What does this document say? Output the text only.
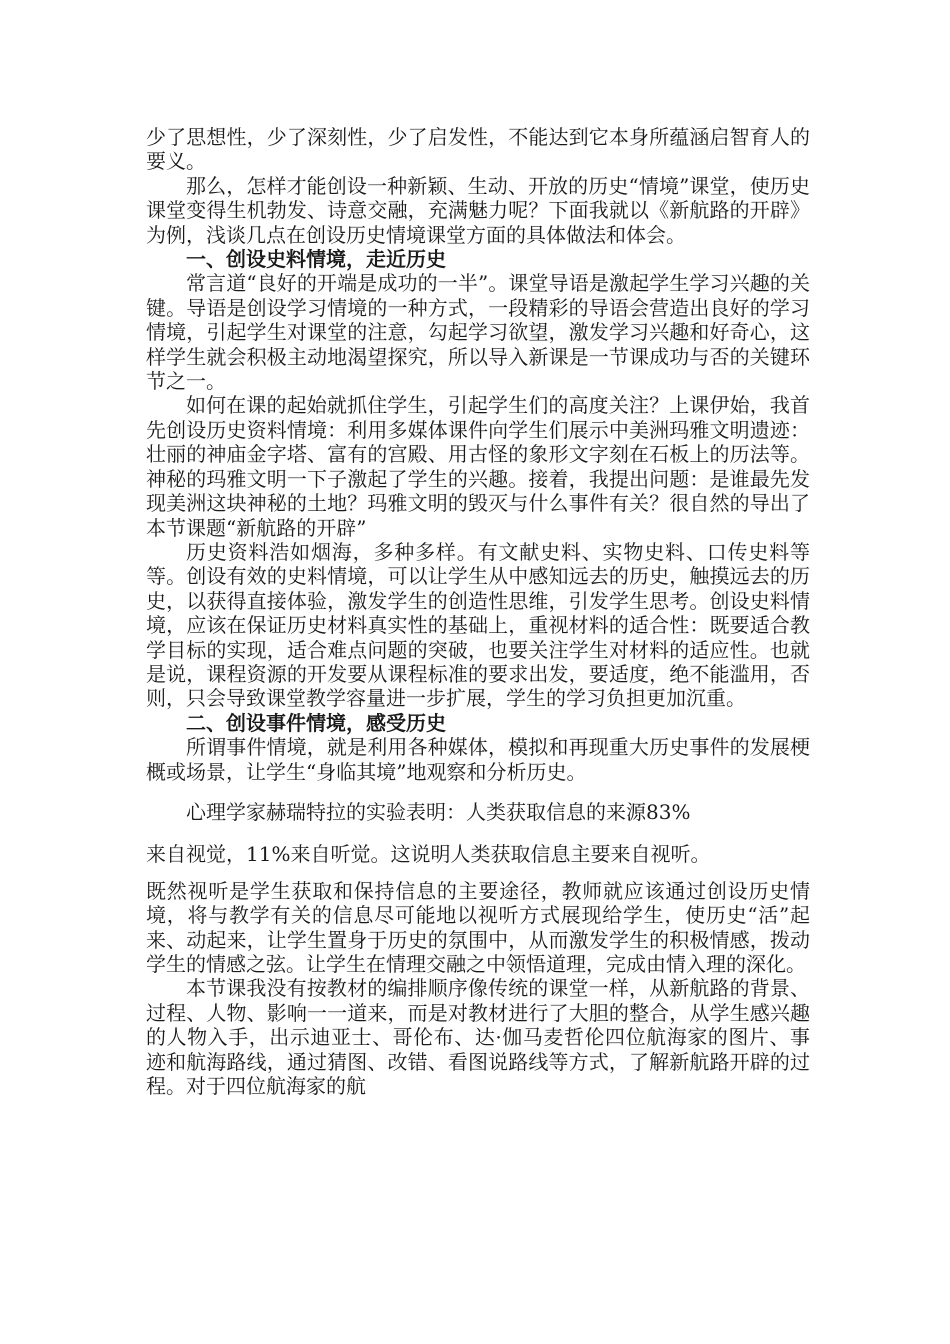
少了思想性，少了深刻性，少了启发性，不能达到它本身所蕴涵启智育人的要义。

那么，怎样才能创设一种新颖、生动、开放的历史“情境”课堂，使历史课堂变得生机勃发、诗意交融，充满魅力呢？下面我就以《新航路的开辟》为例，浅谈几点在创设历史情境课堂方面的具体做法和体会。

一、创设史料情境，走近历史

常言道“良好的开端是成功的一半”。课堂导语是激起学生学习兴趣的关键。导语是创设学习情境的一种方式，一段精彩的导语会营造出良好的学习情境，引起学生对课堂的注意，勾起学习欲望，激发学习兴趣和好奇心，这样学生就会积极主动地渴望探究，所以导入新课是一节课成功与否的关键环节之一。

如何在课的起始就抓住学生，引起学生们的高度关注？上课伊始，我首先创设历史资料情境：利用多媒体课件向学生们展示中美洲玛雅文明遗迹：壮丽的神庙金字塔、富有的宫殿、用古怪的象形文字刻在石板上的历法等。神秘的玛雅文明一下子激起了学生的兴趣。接着，我提出问题：是谁最先发现美洲这块神秘的土地？玛雅文明的毁灭与什么事件有关？很自然的导出了本节课题“新航路的开辟”

历史资料浩如烟海，多种多样。有文献史料、实物史料、口传史料等等。创设有效的史料情境，可以让学生从中感知远去的历史，触摸远去的历史，以获得直接体验，激发学生的创造性思维，引发学生思考。创设史料情境，应该在保证历史材料真实性的基础上，重视材料的适合性：既要适合教学目标的实现，适合难点问题的突破，也要关注学生对材料的适应性。也就是说，课程资源的开发要从课程标准的要求出发，要适度，绝不能滥用，否则，只会导致课堂教学容量进一步扩展，学生的学习负担更加沉重。

二、创设事件情境，感受历史

所谓事件情境，就是利用各种媒体，模拟和再现重大历史事件的发展梗概或场景，让学生“身临其境”地观察和分析历史。

心理学家赫瑞特拉的实验表明：人类获取信息的来源83%

来自视觉，11%来自听觉。这说明人类获取信息主要来自视听。

既然视听是学生获取和保持信息的主要途径，教师就应该通过创设历史情境，将与教学有关的信息尽可能地以视听方式展现给学生，使历史“活”起来、动起来，让学生置身于历史的氛围中，从而激发学生的积极情感，拨动学生的情感之弦。让学生在情理交融之中领悟道理，完成由情入理的深化。

本节课我没有按教材的编排顺序像传统的课堂一样，从新航路的背景、过程、人物、影响一一道来，而是对教材进行了大胆的整合，从学生感兴趣的人物入手，出示迪亚士、哥伦布、达·伽马麦哲伦四位航海家的图片、事迹和航海路线，通过猜图、改错、看图说路线等方式，了解新航路开辟的过程。对于四位航海家的航
